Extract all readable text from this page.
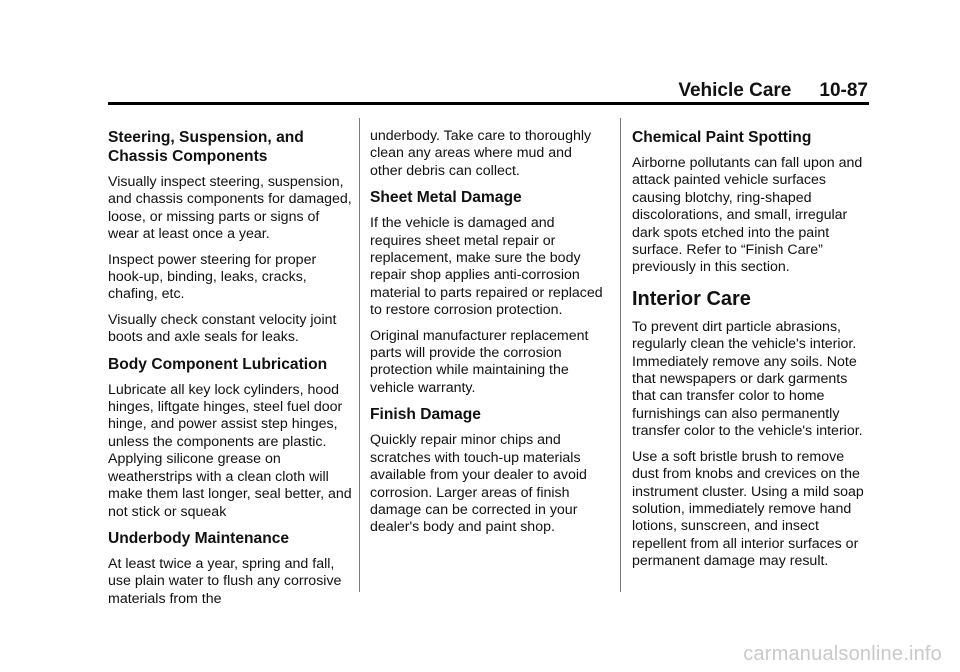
Vehicle Care 10-87
Steering, Suspension, and Chassis Components

Visually inspect steering, suspension, and chassis components for damaged, loose, or missing parts or signs of wear at least once a year.

Inspect power steering for proper hook-up, binding, leaks, cracks, chafing, etc.

Visually check constant velocity joint boots and axle seals for leaks.

Body Component Lubrication

Lubricate all key lock cylinders, hood hinges, liftgate hinges, steel fuel door hinge, and power assist step hinges, unless the components are plastic. Applying silicone grease on weatherstrips with a clean cloth will make them last longer, seal better, and not stick or squeak

Underbody Maintenance

At least twice a year, spring and fall, use plain water to flush any corrosive materials from the

underbody. Take care to thoroughly clean any areas where mud and other debris can collect.

Sheet Metal Damage

If the vehicle is damaged and requires sheet metal repair or replacement, make sure the body repair shop applies anti-corrosion material to parts repaired or replaced to restore corrosion protection.

Original manufacturer replacement parts will provide the corrosion protection while maintaining the vehicle warranty.

Finish Damage

Quickly repair minor chips and scratches with touch-up materials available from your dealer to avoid corrosion. Larger areas of finish damage can be corrected in your dealer's body and paint shop.

Chemical Paint Spotting

Airborne pollutants can fall upon and attack painted vehicle surfaces causing blotchy, ring-shaped discolorations, and small, irregular dark spots etched into the paint surface. Refer to “Finish Care” previously in this section.

Interior Care

To prevent dirt particle abrasions, regularly clean the vehicle's interior. Immediately remove any soils. Note that newspapers or dark garments that can transfer color to home furnishings can also permanently transfer color to the vehicle's interior.

Use a soft bristle brush to remove dust from knobs and crevices on the instrument cluster. Using a mild soap solution, immediately remove hand lotions, sunscreen, and insect repellent from all interior surfaces or permanent damage may result.

carmanualsonline.info
